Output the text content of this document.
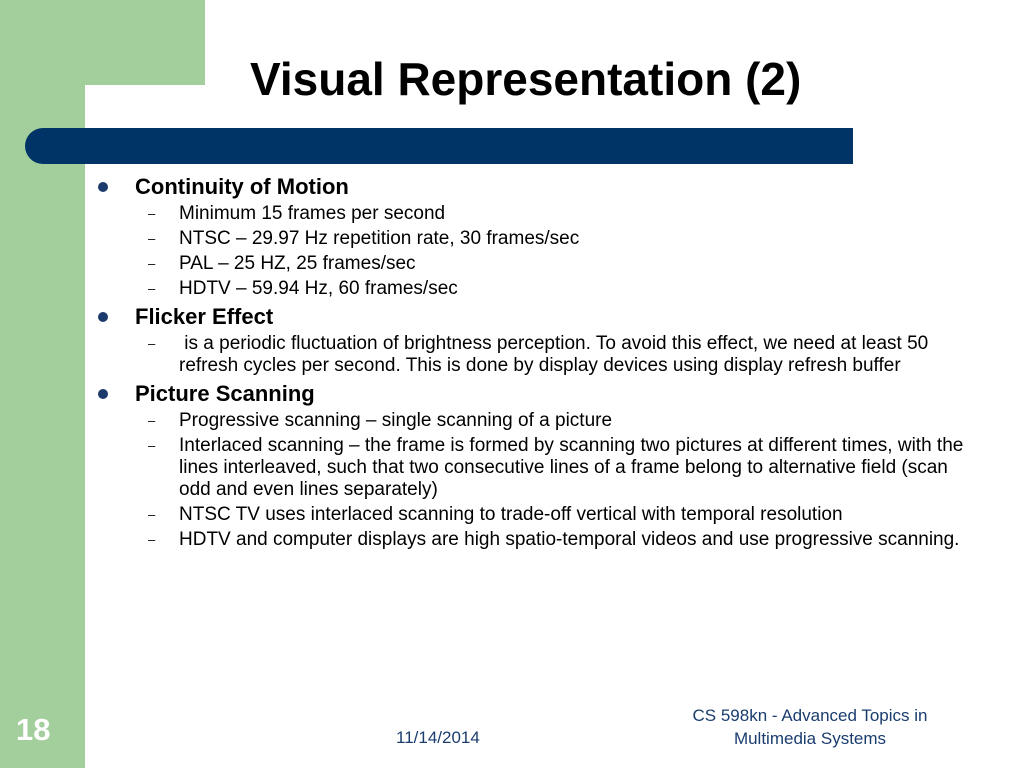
Visual Representation (2)
Continuity of Motion
– Minimum 15 frames per second
– NTSC – 29.97 Hz repetition rate, 30 frames/sec
– PAL – 25 HZ, 25 frames/sec
– HDTV – 59.94 Hz, 60 frames/sec
Flicker Effect
– is a periodic fluctuation of brightness perception. To avoid this effect, we need at least 50 refresh cycles per second. This is done by display devices using display refresh buffer
Picture Scanning
– Progressive scanning – single scanning of a picture
– Interlaced scanning – the frame is formed by scanning two pictures at different times, with the lines interleaved, such that two consecutive lines of a frame belong to alternative field (scan odd and even lines separately)
– NTSC TV uses interlaced scanning to trade-off vertical with temporal resolution
– HDTV and computer displays are high spatio-temporal videos and use progressive scanning.
18	11/14/2014
CS 598kn - Advanced Topics in
Multimedia Systems
